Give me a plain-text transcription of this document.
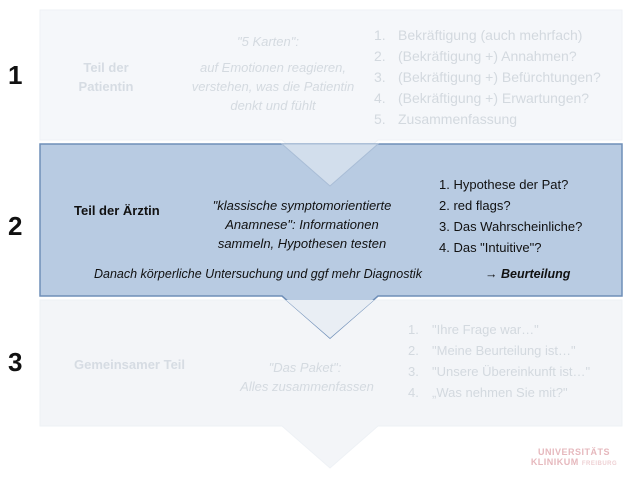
1
2
3
Teil der Patientin
"5 Karten":
auf Emotionen reagieren, verstehen, was die Patientin denkt und fühlt
1. Bekräftigung (auch mehrfach)
2. (Bekräftigung +) Annahmen?
3. (Bekräftigung +) Befürchtungen?
4. (Bekräftigung +) Erwartungen?
5. Zusammenfassung
Teil der Ärztin	"klassische symptomorientierte Anamnese": Informationen sammeln, Hypothesen testen
1. Hypothese der Pat?
2. red flags?
3. Das Wahrscheinliche?
4. Das "Intuitive"?
Danach körperliche Untersuchung und ggf mehr Diagnostik	→ Beurteilung
Gemeinsamer Teil	"Das Paket":
Alles zusammenfassen
1. "Ihre Frage war…"
2. "Meine Beurteilung ist…"
3. "Unsere Übereinkunft ist…"
4. „Was nehmen Sie mit?"
UNIVERSITÄTS
KLINIKUM FREIBURG
